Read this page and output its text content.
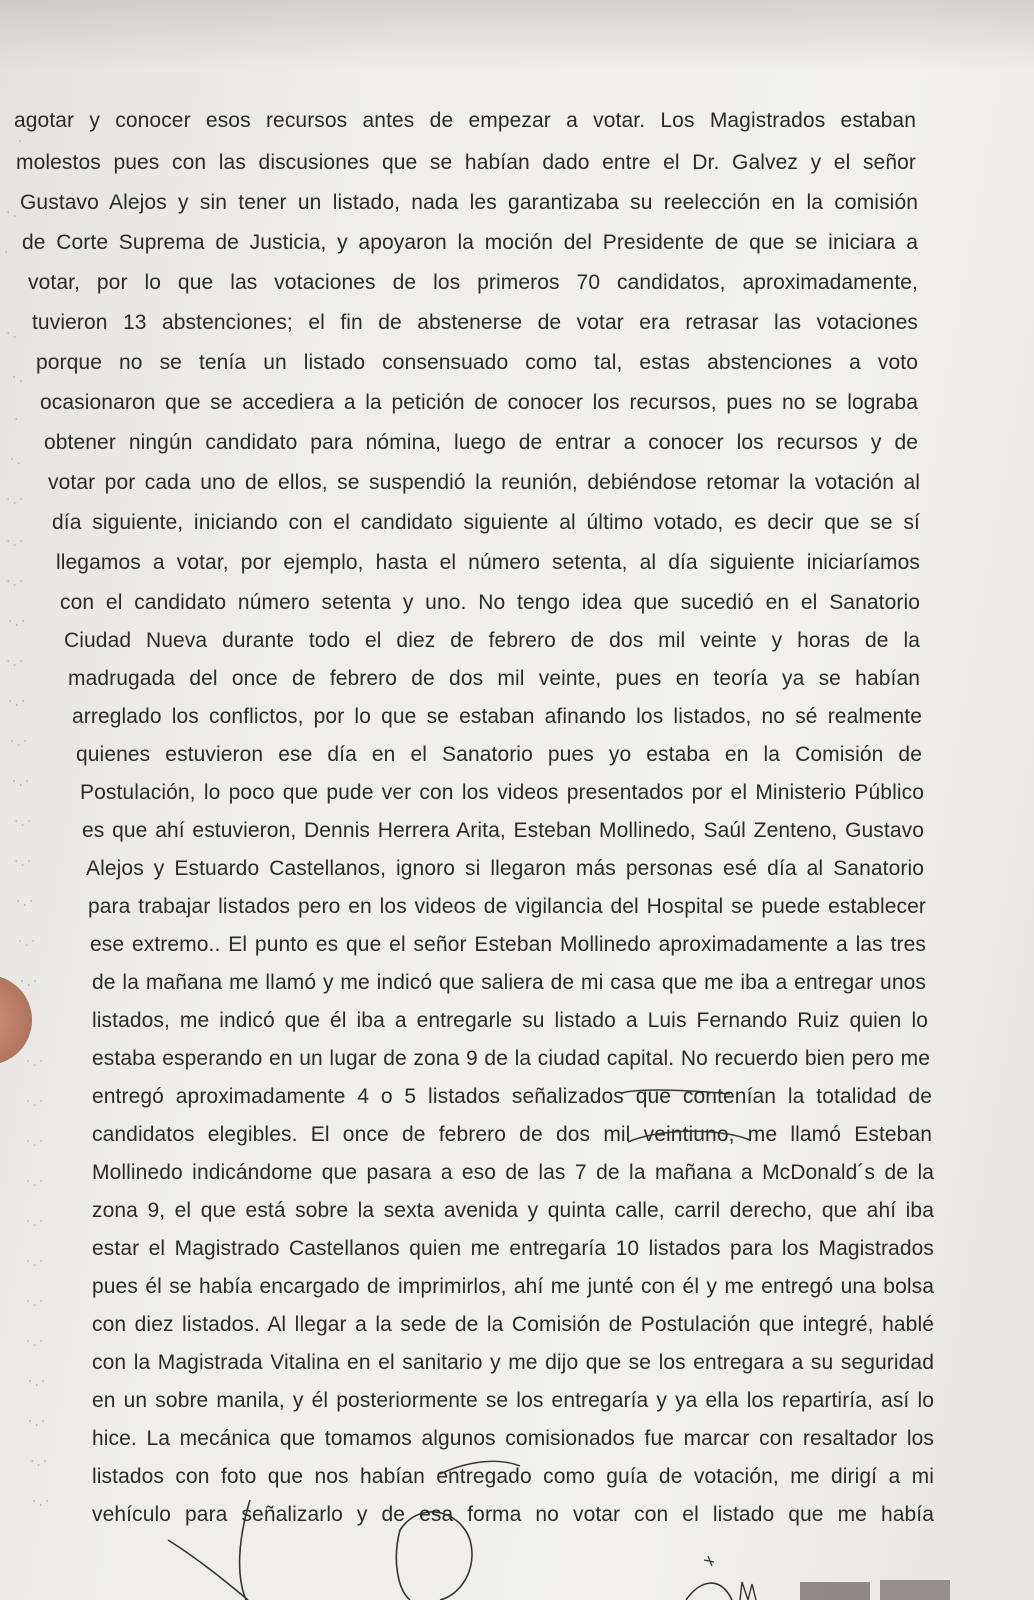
.
·.
·
·.
·.
·
·.
·.·
·.·
·.·
·.·
·.·
·.·
·.·
·.·
·.·
·.·
·.·
·.·
·.·
·.·
·.·
·.·
·.·
·.·
·.·
·.·
·.·
·.·
·.·
·.·
·.·
agotar y conocer esos recursos antes de empezar a votar. Los Magistrados estaban
molestos pues con las discusiones que se habían dado entre el Dr. Galvez y el señor
Gustavo Alejos y sin tener un listado, nada les garantizaba su reelección en la comisión
de Corte Suprema de Justicia, y apoyaron la moción del Presidente de que se iniciara a
votar, por lo que las votaciones de los primeros 70 candidatos, aproximadamente,
tuvieron 13 abstenciones; el fin de abstenerse de votar era retrasar las votaciones
porque no se tenía un listado consensuado como tal, estas abstenciones a voto
ocasionaron que se accediera a la petición de conocer los recursos, pues no se lograba
obtener ningún candidato para nómina, luego de entrar a conocer los recursos y de
votar por cada uno de ellos, se suspendió la reunión, debiéndose retomar la votación al
día siguiente, iniciando con el candidato siguiente al último votado, es decir que se sí
llegamos a votar, por ejemplo, hasta el número setenta, al día siguiente iniciaríamos
con el candidato número setenta y uno. No tengo idea que sucedió en el Sanatorio
Ciudad Nueva durante todo el diez de febrero de dos mil veinte y horas de la
madrugada del once de febrero de dos mil veinte, pues en teoría ya se habían
arreglado los conflictos, por lo que se estaban afinando los listados, no sé realmente
quienes estuvieron ese día en el Sanatorio pues yo estaba en la Comisión de
Postulación, lo poco que pude ver con los videos presentados por el Ministerio Público
es que ahí estuvieron, Dennis Herrera Arita, Esteban Mollinedo, Saúl Zenteno, Gustavo
Alejos y Estuardo Castellanos, ignoro si llegaron más personas esé día al Sanatorio
para trabajar listados pero en los videos de vigilancia del Hospital se puede establecer
ese extremo.. El punto es que el señor Esteban Mollinedo aproximadamente a las tres
de la mañana me llamó y me indicó que saliera de mi casa que me iba a entregar unos
listados, me indicó que él iba a entregarle su listado a Luis Fernando Ruiz quien lo
estaba esperando en un lugar de zona 9 de la ciudad capital. No recuerdo bien pero me
entregó aproximadamente 4 o 5 listados señalizados que contenían la totalidad de
candidatos elegibles. El once de febrero de dos mil veintiuno, me llamó Esteban
Mollinedo indicándome que pasara a eso de las 7 de la mañana a McDonald´s de la
zona 9, el que está sobre la sexta avenida y quinta calle, carril derecho, que ahí iba
estar el Magistrado Castellanos quien me entregaría 10 listados para los Magistrados
pues él se había encargado de imprimirlos, ahí me junté con él y me entregó una bolsa
con diez listados. Al llegar a la sede de la Comisión de Postulación que integré, hablé
con la Magistrada Vitalina en el sanitario y me dijo que se los entregara a su seguridad
en un sobre manila, y él posteriormente se los entregaría y ya ella los repartiría, así lo
hice. La mecánica que tomamos algunos comisionados fue marcar con resaltador los
listados con foto que nos habían entregado como guía de votación, me dirigí a mi
vehículo para señalizarlo y de esa forma no votar con el listado que me había
